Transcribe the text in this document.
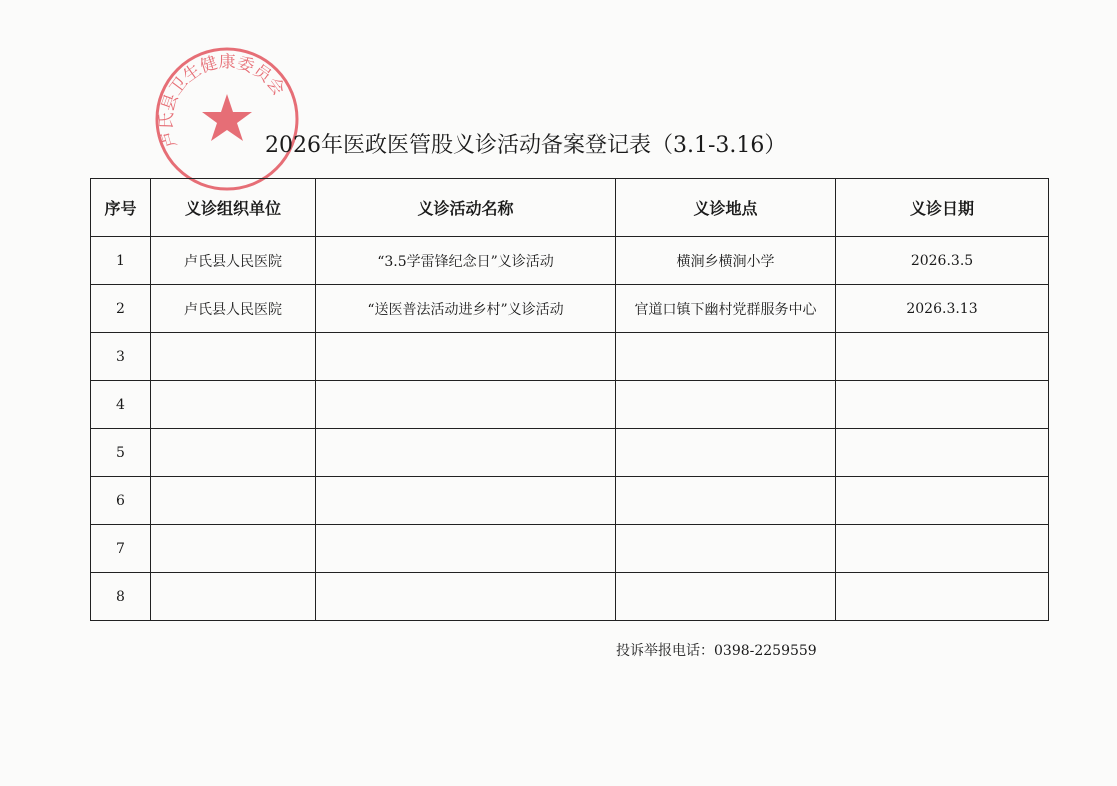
卢氏县卫生健康委员会
2026年医政医管股义诊活动备案登记表（3.1-3.16）
序号	义诊组织单位	义诊活动名称	义诊地点	义诊日期
1	卢氏县人民医院	“3.5学雷锋纪念日”义诊活动	横涧乡横涧小学	2026.3.5
2	卢氏县人民医院	“送医普法活动进乡村”义诊活动	官道口镇下幽村党群服务中心	2026.3.13
3				
4				
5				
6				
7				
8				
投诉举报电话：0398-2259559
